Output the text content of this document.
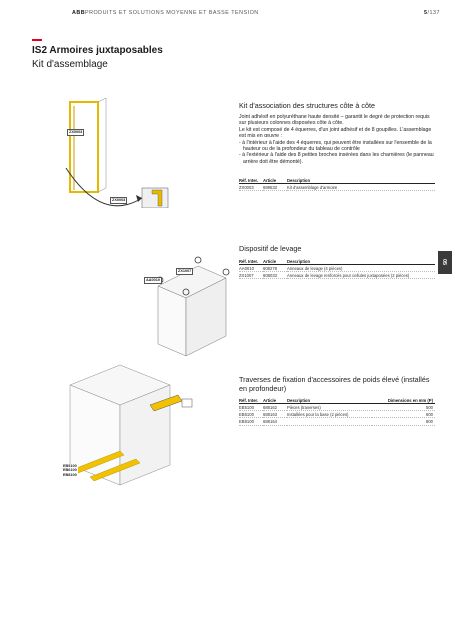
ABB PRODUITS ET SOLUTIONS MOYENNE ET BASSE TENSION	5/137
IS2 Armoires juxtaposables
Kit d'assemblage
05
ZX0003
ZX0003
Kit d'association des structures côte à côte

Joint adhésif en polyuréthane haute densité – garantit le degré de protection requis sur plusieurs colonnes disposées côte à côte.

Le kit est composé de 4 équerres, d'un joint adhésif et de 8 goupilles. L'assemblage est mis en œuvre :

- à l'intérieur à l'aide des 4 équerres, qui peuvent être installées sur l'ensemble de la hauteur ou de la profondeur du tableau de contrôle

- à l'extérieur à l'aide des 8 petites broches insérées dans les charnières (le panneau arrière doit être démonté).

Réf. Inter.	Article	Description
ZX0003	689533	Kit d'assemblage d'armoire
ZX1007
AA0010
Dispositif de levage
Réf. Inter.	Article	Description
AA0010	608278	Anneaux de levage (4 pièces)
ZX1007	608033	Anneaux de levage renforcés pour cellules juxtaposées (2 pièces)
EB5100
EB6100
EB8100
Traverses de fixation d'accessoires de poids élevé (installés en profondeur)
Réf. Inter.	Article	Description	Dimensions en mm (P)
EB5100	688162	Pièces (traverses)	500
EB6100	688163	Installées pour la base (2 pièces)	600
EB8100	688164		800
